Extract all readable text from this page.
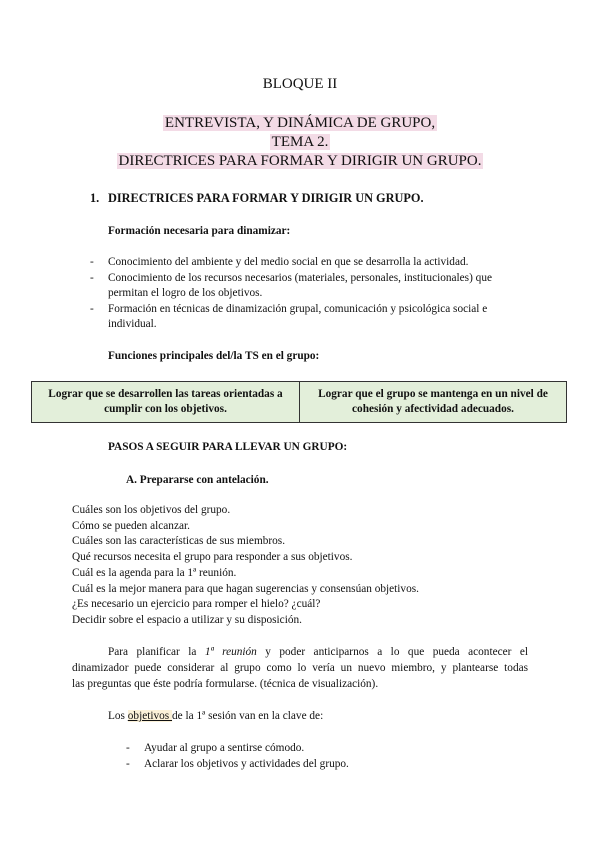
BLOQUE II
ENTREVISTA, Y DINÁMICA DE GRUPO,
TEMA 2.
DIRECTRICES PARA FORMAR Y DIRIGIR UN GRUPO.
1. DIRECTRICES PARA FORMAR Y DIRIGIR UN GRUPO.
Formación necesaria para dinamizar:
- Conocimiento del ambiente y del medio social en que se desarrolla la actividad.
- Conocimiento de los recursos necesarios (materiales, personales, institucionales) que
permitan el logro de los objetivos.
- Formación en técnicas de dinamización grupal, comunicación y psicológica social e
individual.
Funciones principales del/la TS en el grupo:
Lograr que se desarrollen las tareas orientadas a cumplir con los objetivos.
Lograr que el grupo se mantenga en un nivel de cohesión y afectividad adecuados.
PASOS A SEGUIR PARA LLEVAR UN GRUPO:
A. Prepararse con antelación.
Cuáles son los objetivos del grupo.
Cómo se pueden alcanzar.
Cuáles son las características de sus miembros.
Qué recursos necesita el grupo para responder a sus objetivos.
Cuál es la agenda para la 1ª reunión.
Cuál es la mejor manera para que hagan sugerencias y consensúan objetivos.
¿Es necesario un ejercicio para romper el hielo? ¿cuál?
Decidir sobre el espacio a utilizar y su disposición.
Para planificar la 1ª reunión y poder anticiparnos a lo que pueda acontecer el
dinamizador puede considerar al grupo como lo vería un nuevo miembro, y plantearse todas
las preguntas que éste podría formularse. (técnica de visualización).
Los objetivos de la 1ª sesión van en la clave de:
- Ayudar al grupo a sentirse cómodo.
- Aclarar los objetivos y actividades del grupo.
